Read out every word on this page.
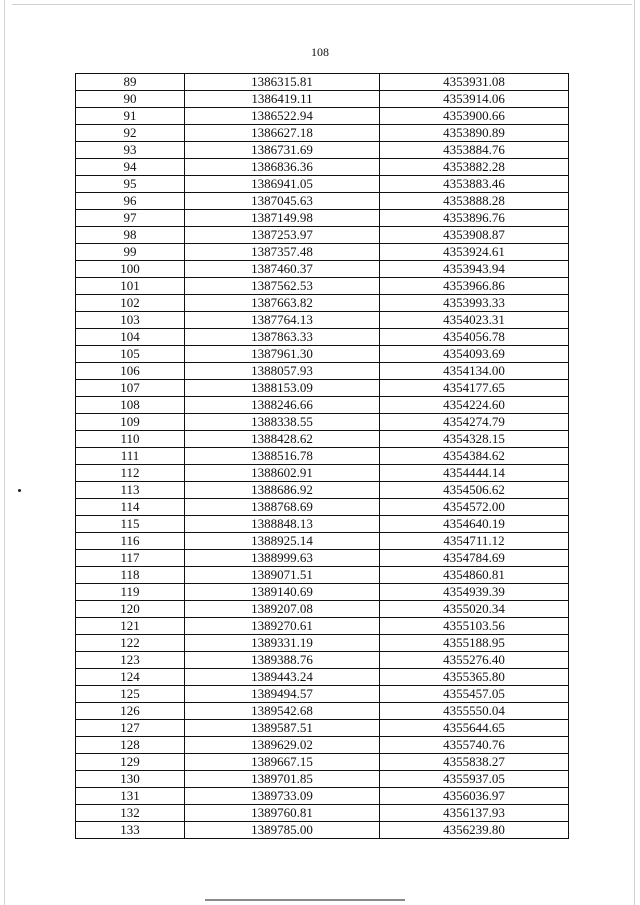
108
89	1386315.81	4353931.08
90	1386419.11	4353914.06
91	1386522.94	4353900.66
92	1386627.18	4353890.89
93	1386731.69	4353884.76
94	1386836.36	4353882.28
95	1386941.05	4353883.46
96	1387045.63	4353888.28
97	1387149.98	4353896.76
98	1387253.97	4353908.87
99	1387357.48	4353924.61
100	1387460.37	4353943.94
101	1387562.53	4353966.86
102	1387663.82	4353993.33
103	1387764.13	4354023.31
104	1387863.33	4354056.78
105	1387961.30	4354093.69
106	1388057.93	4354134.00
107	1388153.09	4354177.65
108	1388246.66	4354224.60
109	1388338.55	4354274.79
110	1388428.62	4354328.15
111	1388516.78	4354384.62
112	1388602.91	4354444.14
113	1388686.92	4354506.62
114	1388768.69	4354572.00
115	1388848.13	4354640.19
116	1388925.14	4354711.12
117	1388999.63	4354784.69
118	1389071.51	4354860.81
119	1389140.69	4354939.39
120	1389207.08	4355020.34
121	1389270.61	4355103.56
122	1389331.19	4355188.95
123	1389388.76	4355276.40
124	1389443.24	4355365.80
125	1389494.57	4355457.05
126	1389542.68	4355550.04
127	1389587.51	4355644.65
128	1389629.02	4355740.76
129	1389667.15	4355838.27
130	1389701.85	4355937.05
131	1389733.09	4356036.97
132	1389760.81	4356137.93
133	1389785.00	4356239.80
